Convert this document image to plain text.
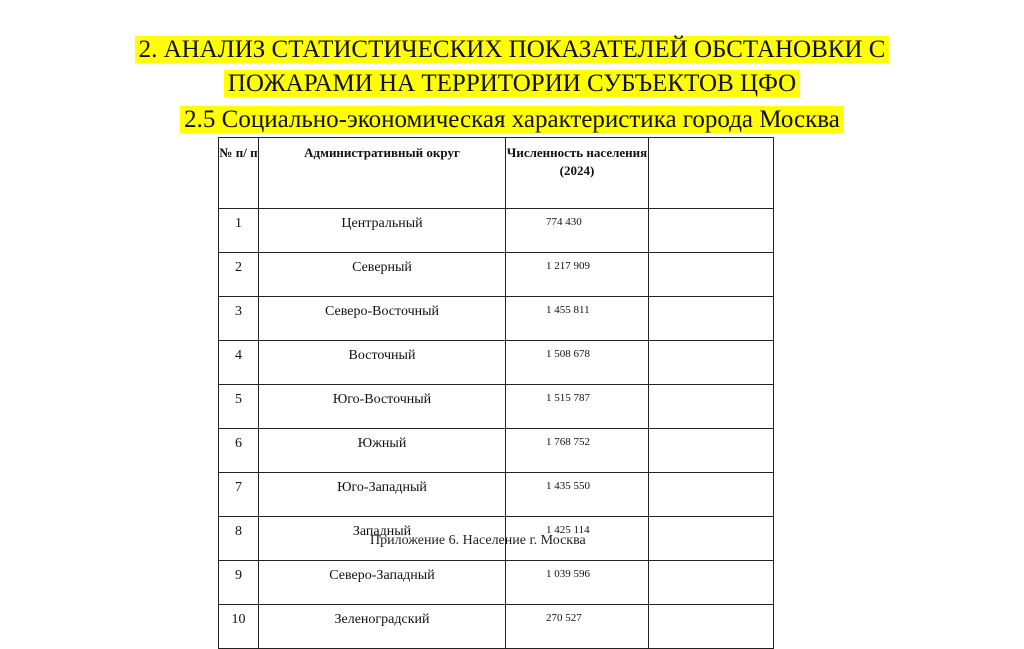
2. АНАЛИЗ СТАТИСТИЧЕСКИХ ПОКАЗАТЕЛЕЙ ОБСТАНОВКИ С
ПОЖАРАМИ НА ТЕРРИТОРИИ СУБЪЕКТОВ ЦФО
2.5 Социально-экономическая характеристика города Москва
№ п/ п	Административный округ	Численность населения (2024)	
1	Центральный	774 430	
2	Северный	1 217 909	
3	Северо-Восточный	1 455 811	
4	Восточный	1 508 678	
5	Юго-Восточный	1 515 787	
6	Южный	1 768 752	
7	Юго-Западный	1 435 550	
8	Западный	1 425 114	
9	Северо-Западный	1 039 596	
10	Зеленоградский	270 527	
Приложение 6. Население г. Москва
